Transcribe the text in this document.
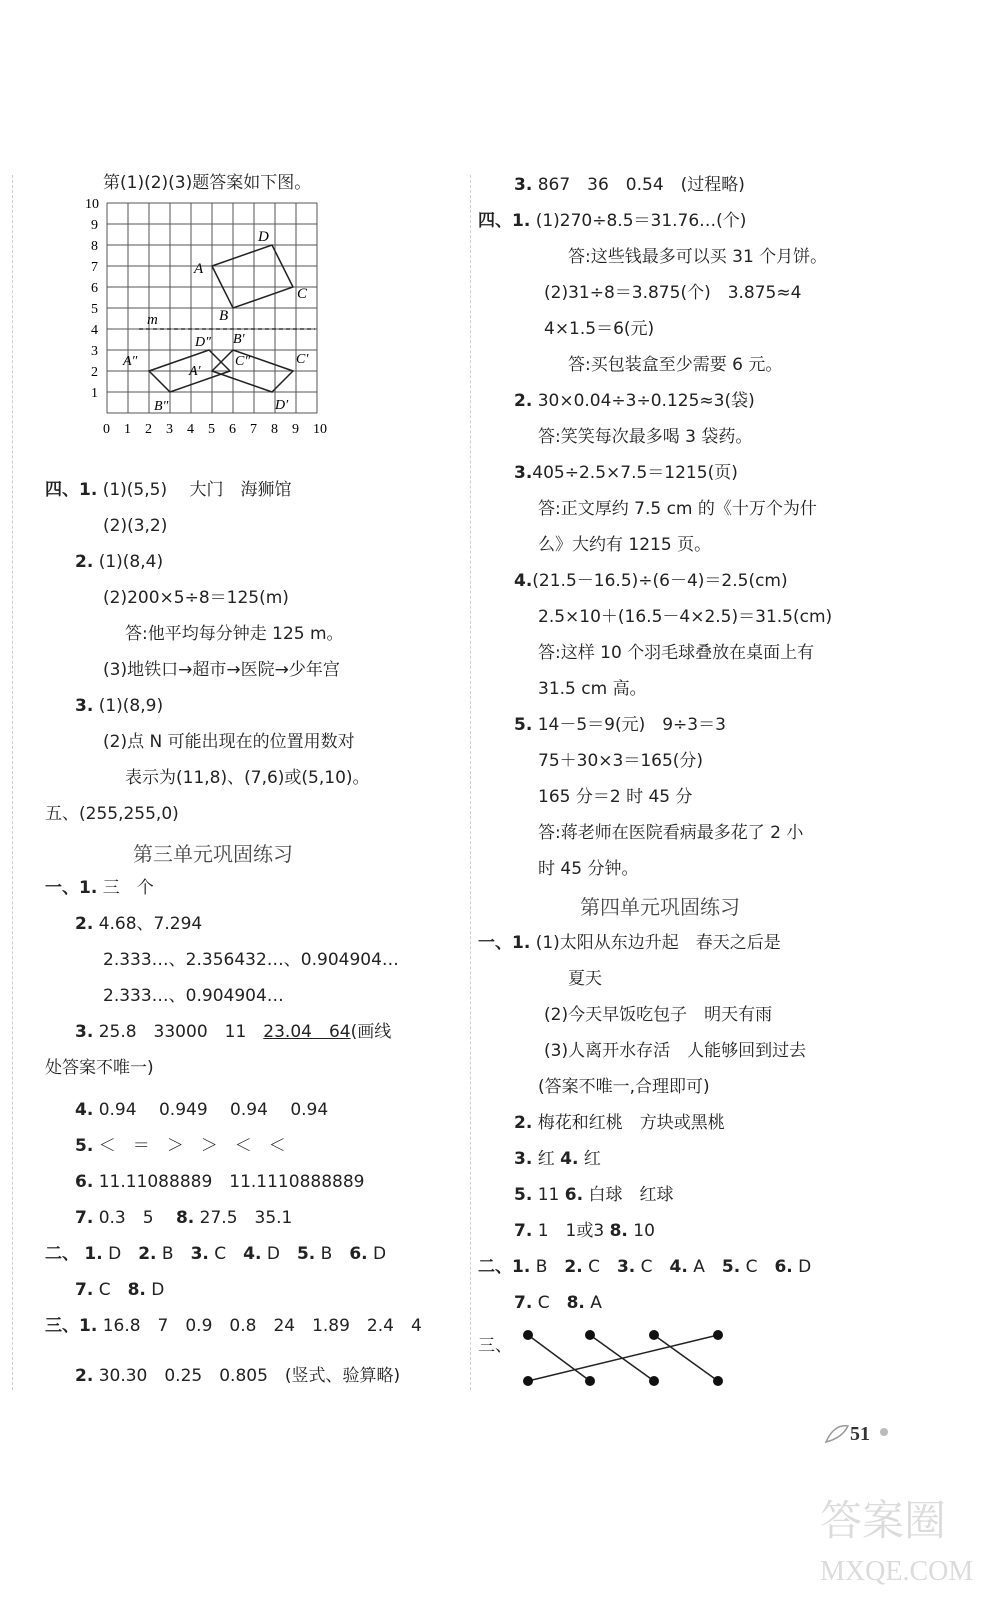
第(1)(2)(3)题答案如下图。
0 1 2 3 4 5 6 7 8 9 10
1
2
3
4
5
6
7
8
9
10
m
A
B
C
D
A′
B′
C′
D′
A″
B″
C″
D″
四、1. (1)(5,5)　 大门　海狮馆
(2)(3,2)
2. (1)(8,4)
(2)200×5÷8＝125(m)
答:他平均每分钟走 125 m。
(3)地铁口→超市→医院→少年宫
3. (1)(8,9)
(2)点 N 可能出现在的位置用数对
表示为(11,8)、(7,6)或(5,10)。
五、(255,255,0)
第三单元巩固练习
一、1. 三　个
2. 4.68、7.294
2.333…、2.356432…、0.904904…
2.333…、0.904904…
3. 25.8　33000　11　23.04　64(画线
处答案不唯一)
4. 0.94　 0.949　 0.94　 0.94
5. ＜　＝　＞　＞　＜　＜
6. 11.11088889　11.1110888889
7. 0.3　5　 8. 27.5　35.1
二、 1. D　2. B　3. C　4. D　5. B　6. D
7. C　8. D
三、1. 16.8　7　0.9　0.8　24　1.89　2.4　4
2. 30.30　0.25　0.805　(竖式、验算略)
3. 867　36　0.54　(过程略)
四、1. (1)270÷8.5＝31.76…(个)
答:这些钱最多可以买 31 个月饼。
(2)31÷8＝3.875(个)　3.875≈4
4×1.5＝6(元)
答:买包装盒至少需要 6 元。
2. 30×0.04÷3÷0.125≈3(袋)
答:笑笑每次最多喝 3 袋药。
3.405÷2.5×7.5＝1215(页)
答:正文厚约 7.5 cm 的《十万个为什
么》大约有 1215 页。
4.(21.5－16.5)÷(6－4)＝2.5(cm)
2.5×10＋(16.5－4×2.5)＝31.5(cm)
答:这样 10 个羽毛球叠放在桌面上有
31.5 cm 高。
5. 14－5＝9(元)　9÷3＝3
75＋30×3＝165(分)
165 分＝2 时 45 分
答:蒋老师在医院看病最多花了 2 小
时 45 分钟。
第四单元巩固练习
一、1. (1)太阳从东边升起　春天之后是
夏天
(2)今天早饭吃包子　明天有雨
(3)人离开水存活　人能够回到过去
(答案不唯一,合理即可)
2. 梅花和红桃　方块或黑桃
3. 红 4. 红
5. 11 6. 白球　红球
7. 1　1或3 8. 10
二、1. B　2. C　3. C　4. A　5. C　6. D
7. C　8. A
三、
51
答案圈
MXQE.COM
